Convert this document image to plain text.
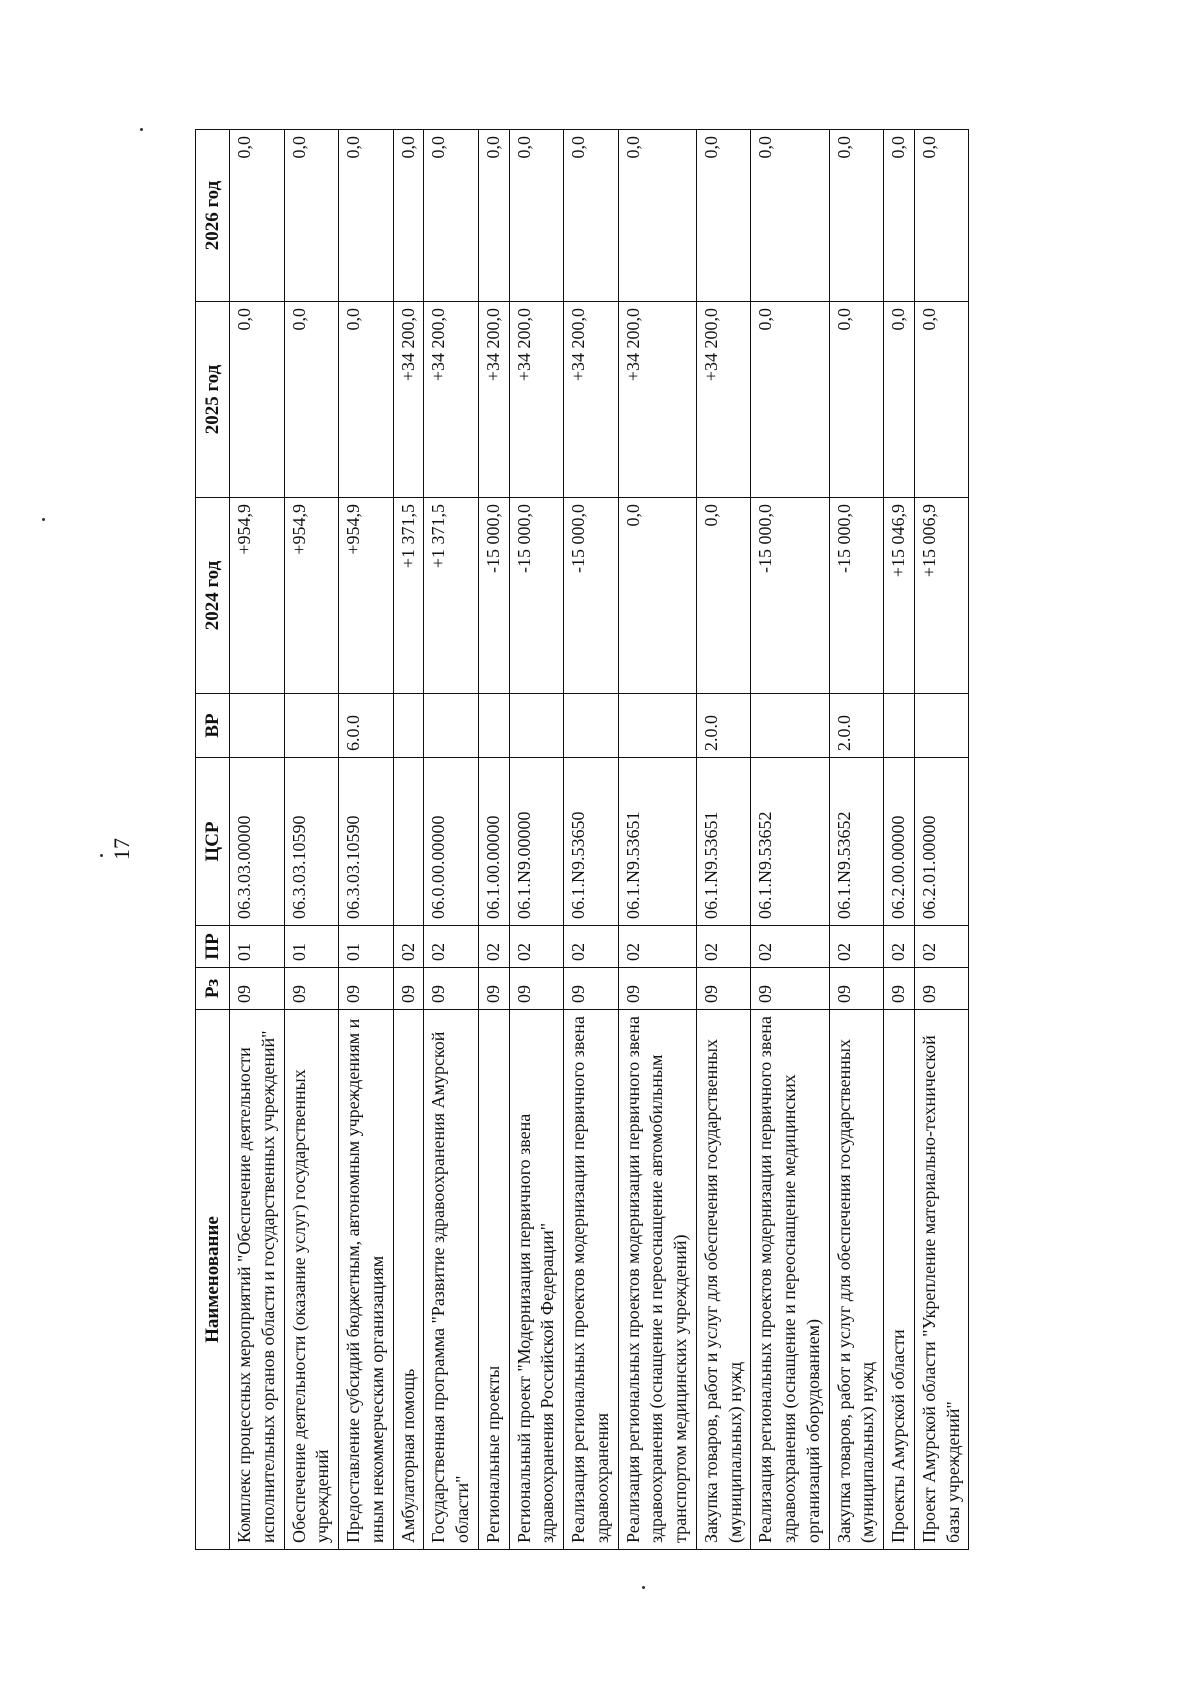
17
Наименование	Рз	ПР	ЦСР	ВР	2024 год	2025 год	2026 год
Комплекс процессных мероприятий "Обеспечение деятельности исполнительных органов области и государственных учреждений"	09	01	06.3.03.00000		+954,9	0,0	0,0
Обеспечение деятельности (оказание услуг) государственных учреждений	09	01	06.3.03.10590		+954,9	0,0	0,0
Предоставление субсидий бюджетным, автономным учреждениям и иным некоммерческим организациям	09	01	06.3.03.10590	6.0.0	+954,9	0,0	0,0
Амбулаторная помощь	09	02			+1 371,5	+34 200,0	0,0
Государственная программа "Развитие здравоохранения Амурской области"	09	02	06.0.00.00000		+1 371,5	+34 200,0	0,0
Региональные проекты	09	02	06.1.00.00000		-15 000,0	+34 200,0	0,0
Региональный проект "Модернизация первичного звена здравоохранения Российской Федерации"	09	02	06.1.N9.00000		-15 000,0	+34 200,0	0,0
Реализация региональных проектов модернизации первичного звена здравоохранения	09	02	06.1.N9.53650		-15 000,0	+34 200,0	0,0
Реализация региональных проектов модернизации первичного звена здравоохранения (оснащение и переоснащение автомобильным транспортом медицинских учреждений)	09	02	06.1.N9.53651		0,0	+34 200,0	0,0
Закупка товаров, работ и услуг для обеспечения государственных (муниципальных) нужд	09	02	06.1.N9.53651	2.0.0	0,0	+34 200,0	0,0
Реализация региональных проектов модернизации первичного звена здравоохранения (оснащение и переоснащение медицинских организаций оборудованием)	09	02	06.1.N9.53652		-15 000,0	0,0	0,0
Закупка товаров, работ и услуг для обеспечения государственных (муниципальных) нужд	09	02	06.1.N9.53652	2.0.0	-15 000,0	0,0	0,0
Проекты Амурской области	09	02	06.2.00.00000		+15 046,9	0,0	0,0
Проект Амурской области "Укрепление материально-технической базы учреждений"	09	02	06.2.01.00000		+15 006,9	0,0	0,0
